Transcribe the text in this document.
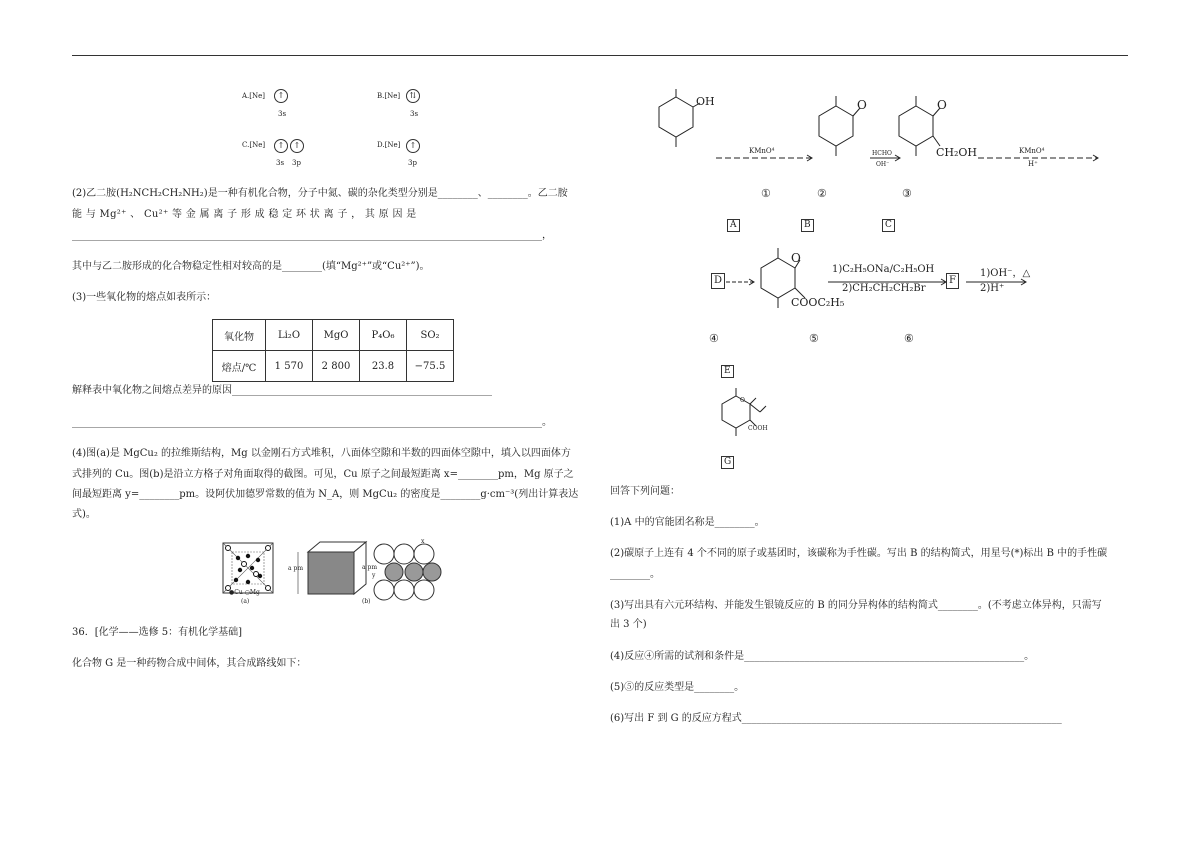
A.[Ne]	↑
3s
B.[Ne]	⇅
3s
C.[Ne]	↑	↑
3s 3p
D.[Ne]	↑
3p
(2)乙二胺(H₂NCH₂CH₂NH₂)是一种有机化合物，分子中氮、碳的杂化类型分别是________、________。乙二胺
能 与 Mg²⁺ 、 Cu²⁺ 等 金 属 离 子 形 成 稳 定 环 状 离 子 ， 其 原 因 是
______________________________________________________________________________________________，
其中与乙二胺形成的化合物稳定性相对较高的是________(填“Mg²⁺”或“Cu²⁺”)。
(3)一些氧化物的熔点如表所示：
氧化物	Li₂O	MgO	P₄O₆	SO₂
熔点/℃	1 570	2 800	23.8	−75.5
解释表中氧化物之间熔点差异的原因____________________________________________________
______________________________________________________________________________________________。
(4)图(a)是 MgCu₂ 的拉维斯结构，Mg 以金刚石方式堆积，八面体空隙和半数的四面体空隙中，填入以四面体方
式排列的 Cu。图(b)是沿立方格子对角面取得的截图。可见，Cu 原子之间最短距离 x=________pm，Mg 原子之
间最短距离 y=________pm。设阿伏加德罗常数的值为 N_A，则 MgCu₂ 的密度是________g·cm⁻³(列出计算表达
式)。
●Cu ○Mg
(a)	(b)
a pm	a pm
x
y
36．[化学——选修 5：有机化学基础]
化合物 G 是一种药物合成中间体，其合成路线如下：
OH	O	O
CH₂OH
KMnO⁴	HCHO
OH⁻
KMnO⁴
H⁺
①	②	③
A	B	C
D
O
COOC₂H₅
1)C₂H₅ONa/C₂H₅OH
2)CH₂CH₂CH₂Br
F
1)OH⁻，△
2)H⁺
④	⑤	⑥
E
O
COOH
G
回答下列问题：
(1)A 中的官能团名称是________。
(2)碳原子上连有 4 个不同的原子或基团时，该碳称为手性碳。写出 B 的结构简式，用星号(*)标出 B 中的手性碳
________。
(3)写出具有六元环结构、并能发生银镜反应的 B 的同分异构体的结构简式________。(不考虑立体异构，只需写
出 3 个)
(4)反应④所需的试剂和条件是________________________________________________________。
(5)⑤的反应类型是________。
(6)写出 F 到 G 的反应方程式________________________________________________________________
